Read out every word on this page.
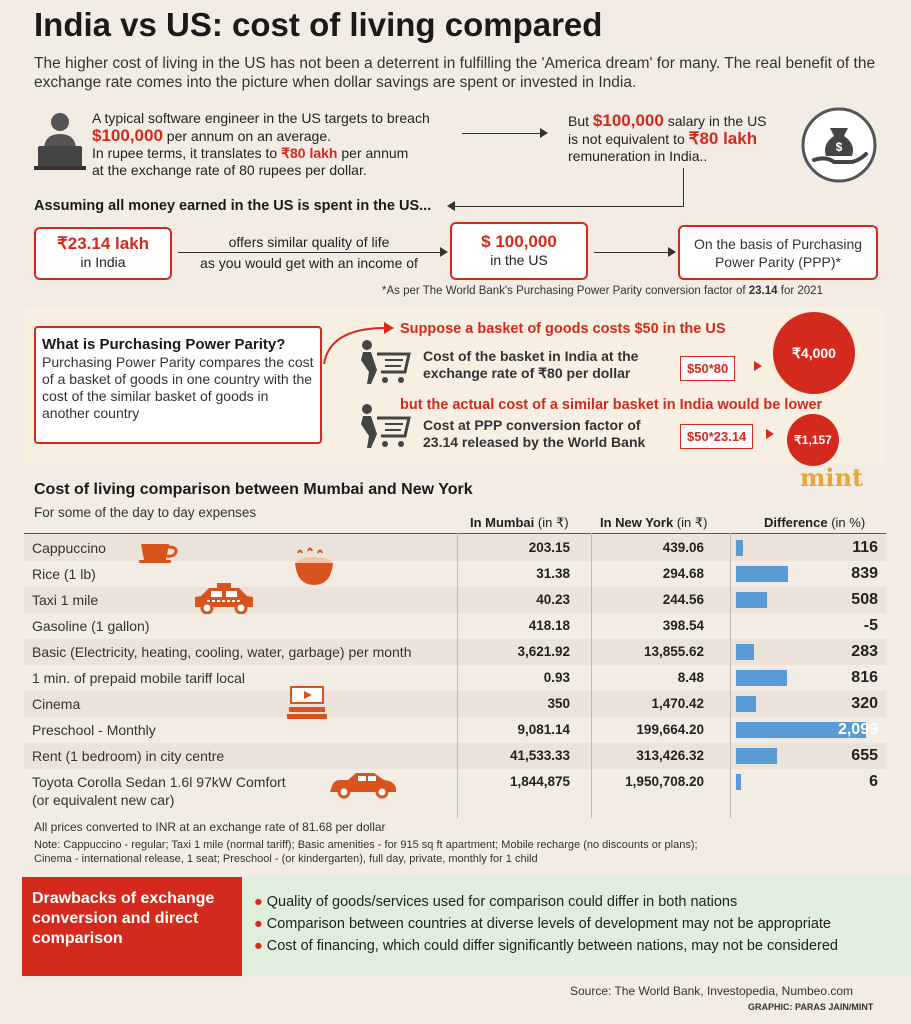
India vs US: cost of living compared
The higher cost of living in the US has not been a deterrent in fulfilling the 'America dream' for many. The real benefit of the exchange rate comes into the picture when dollar savings are spent or invested in India.
A typical software engineer in the US targets to breach
$100,000 per annum on an average.
In rupee terms, it translates to ₹80 lakh per annum
at the exchange rate of 80 rupees per dollar.
But $100,000 salary in the US
is not equivalent to ₹80 lakh
remuneration in India..
$
Assuming all money earned in the US is spent in the US...
₹23.14 lakh
in India
offers similar quality of life
as you would get with an income of
$ 100,000
in the US
On the basis of Purchasing Power Parity (PPP)*
*As per The World Bank's Purchasing Power Parity conversion factor of 23.14 for 2021
What is Purchasing Power Parity?
Purchasing Power Parity compares the cost of a basket of goods in one country with the cost of the similar basket of goods in another country
Suppose a basket of goods costs $50 in the US
Cost of the basket in India at the exchange rate of ₹80 per dollar	$50*80
₹4,000
but the actual cost of a similar basket in India would be lower
Cost at PPP conversion factor of 23.14 released by the World Bank	$50*23.14	₹1,157
mint
Cost of living comparison between Mumbai and New York
For some of the day to day expenses
In Mumbai (in ₹) In New York (in ₹)	Difference (in %)
Cappuccino	203.15	439.06	116
Rice (1 lb)	31.38	294.68	839
Taxi 1 mile	40.23	244.56	508
Gasoline (1 gallon)	418.18	398.54	-5
Basic (Electricity, heating, cooling, water, garbage) per month	3,621.92	13,855.62	283
1 min. of prepaid mobile tariff local	0.93	8.48	816
Cinema	350	1,470.42	320
Preschool - Monthly	9,081.14	199,664.20	2,099
Rent (1 bedroom) in city centre	41,533.33	313,426.32	655
Toyota Corolla Sedan 1.6l 97kW Comfort
(or equivalent new car)
1,844,875	1,950,708.20	6
All prices converted to INR at an exchange rate of 81.68 per dollar
Note: Cappuccino - regular; Taxi 1 mile (normal tariff); Basic amenities - for 915 sq ft apartment; Mobile recharge (no discounts or plans);
Cinema - international release, 1 seat; Preschool - (or kindergarten), full day, private, monthly for 1 child
Drawbacks of exchange conversion and direct comparison
● Quality of goods/services used for comparison could differ in both nations
● Comparison between countries at diverse levels of development may not be appropriate
● Cost of financing, which could differ significantly between nations, may not be considered
Source: The World Bank, Investopedia, Numbeo.com
GRAPHIC: PARAS JAIN/MINT
